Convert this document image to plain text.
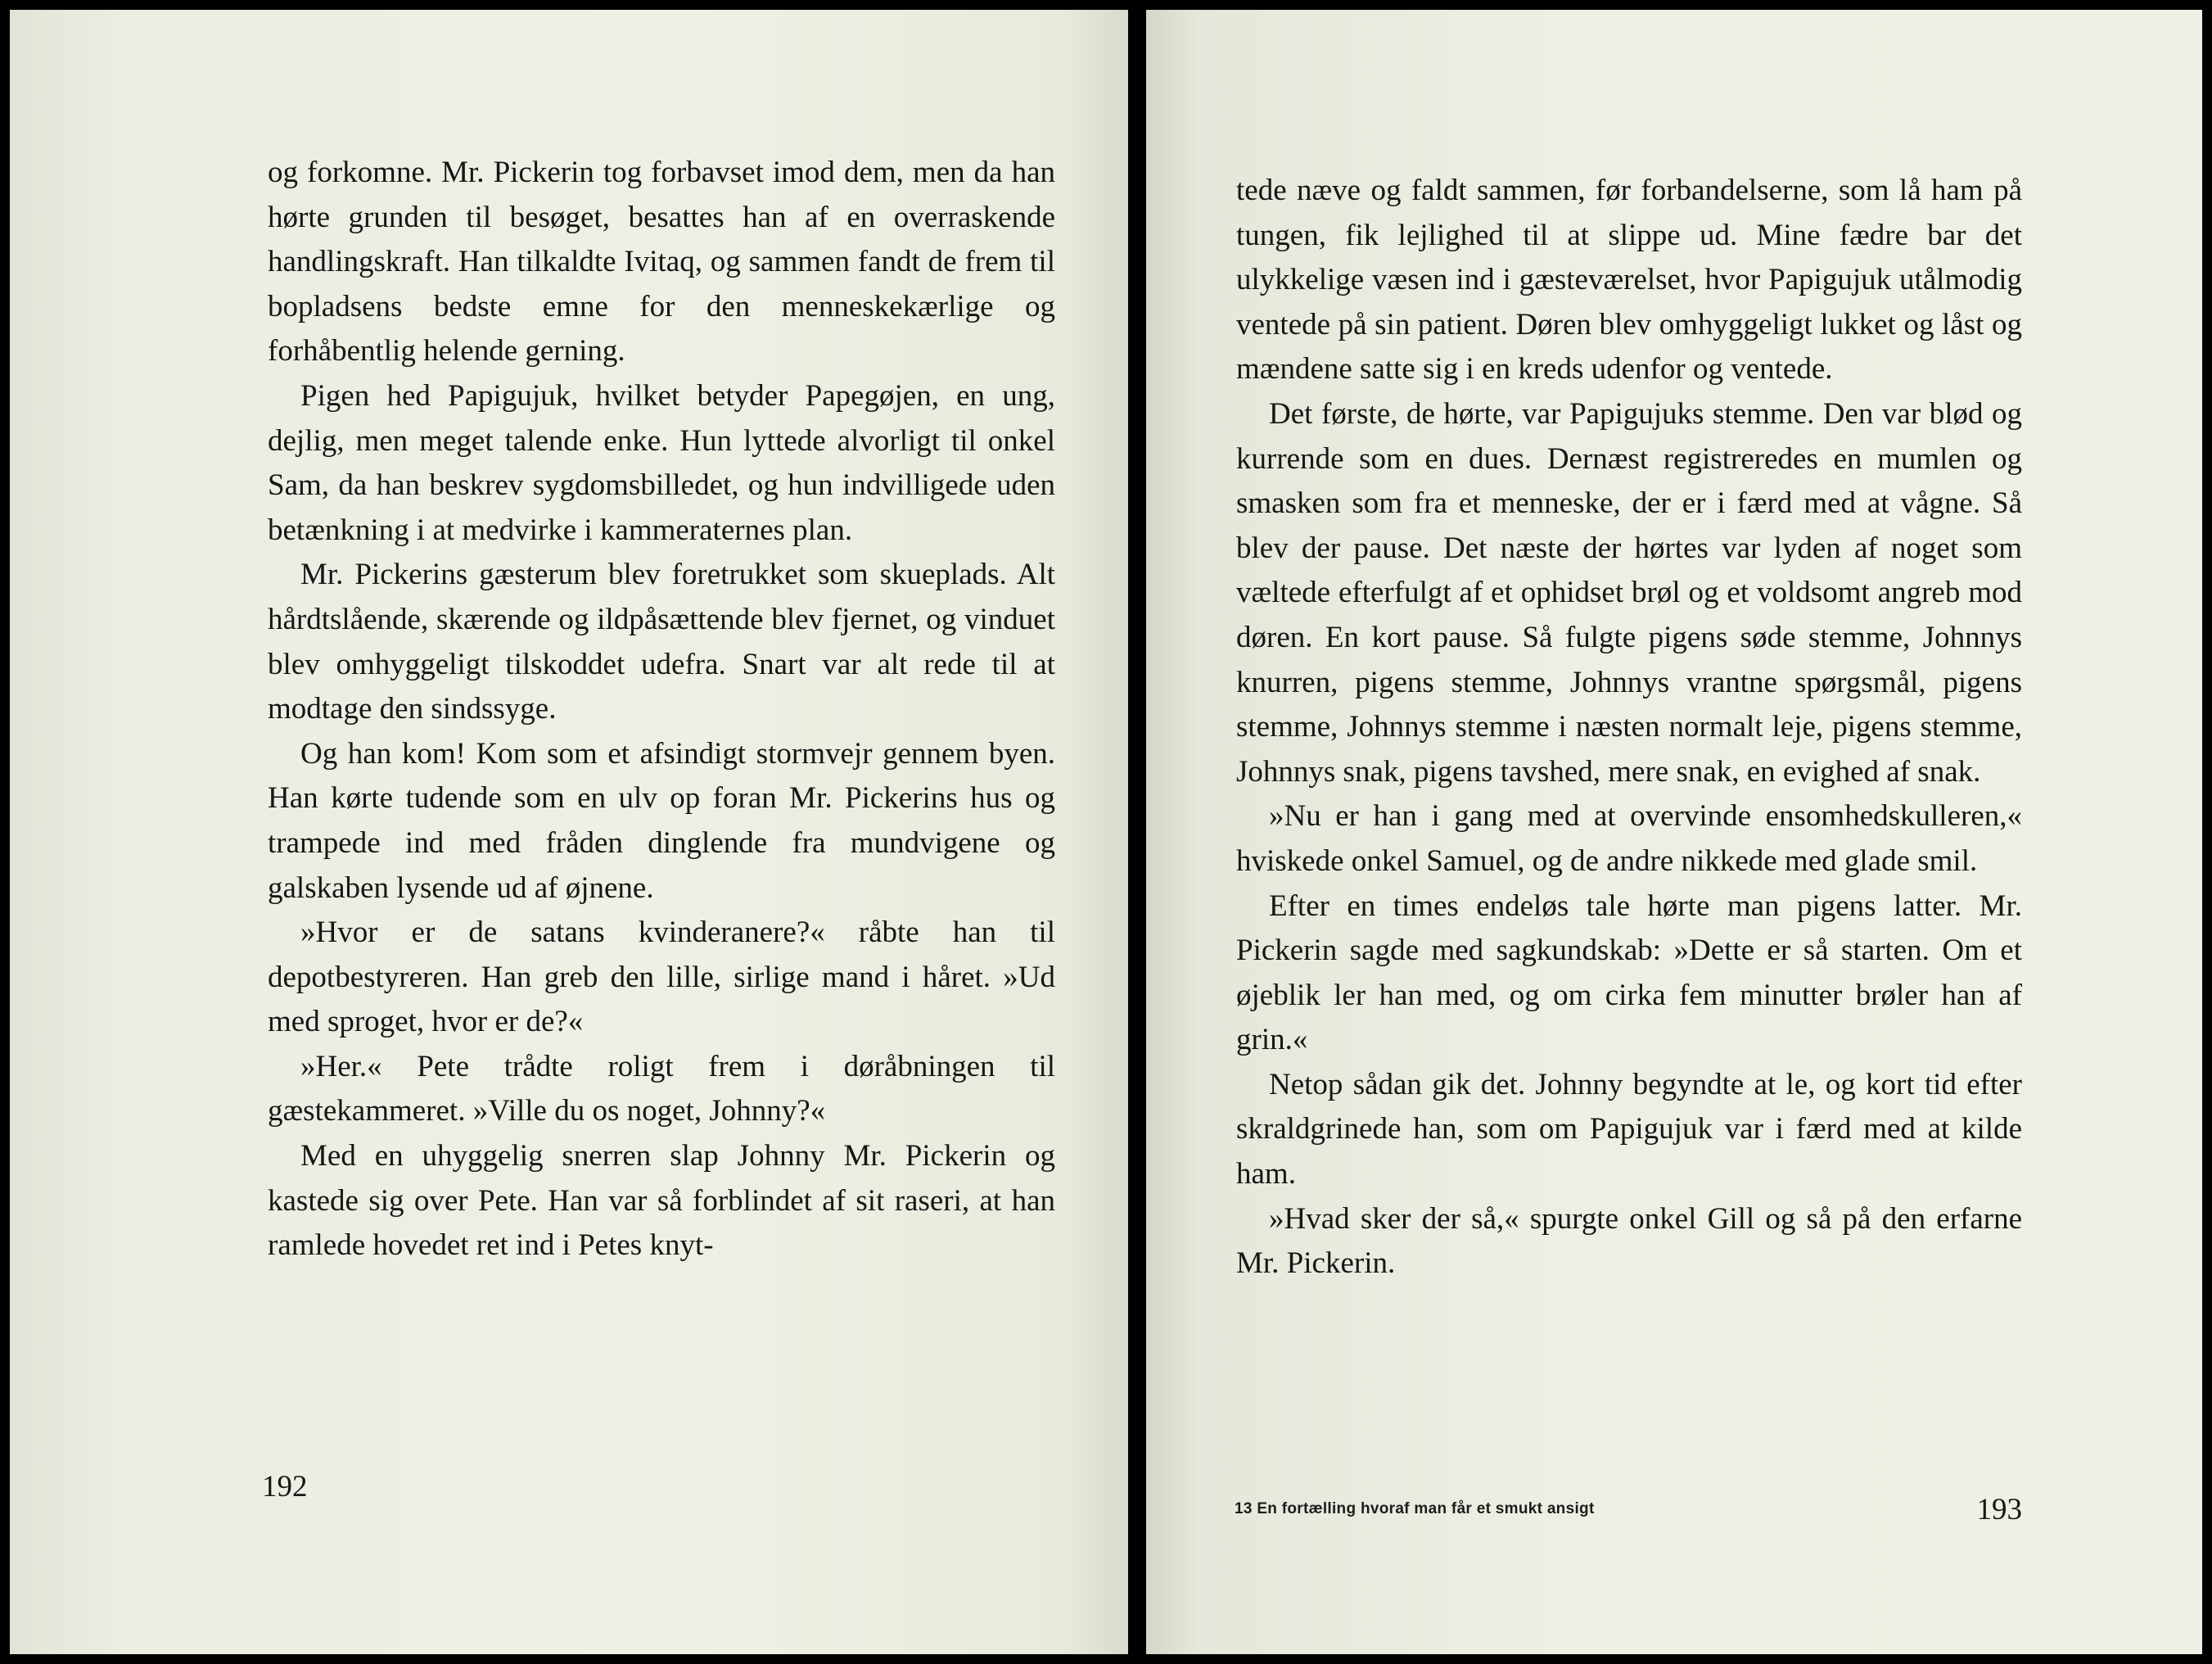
og forkomne. Mr. Pickerin tog forbavset imod dem, men da han hørte grunden til besøget, besattes han af en overraskende handlingskraft. Han tilkaldte Ivitaq, og sammen fandt de frem til bopladsens bedste emne for den menneskekærlige og forhåbentlig helende gerning.

Pigen hed Papigujuk, hvilket betyder Papegøjen, en ung, dejlig, men meget talende enke. Hun lyttede alvorligt til onkel Sam, da han beskrev sygdomsbilledet, og hun indvilligede uden betænkning i at medvirke i kammeraternes plan.

Mr. Pickerins gæsterum blev foretrukket som skueplads. Alt hårdtslående, skærende og ildpåsættende blev fjernet, og vinduet blev omhyggeligt tilskoddet udefra. Snart var alt rede til at modtage den sindssyge.

Og han kom! Kom som et afsindigt stormvejr gennem byen. Han kørte tudende som en ulv op foran Mr. Pickerins hus og trampede ind med fråden dinglende fra mundvigene og galskaben lysende ud af øjnene.

»Hvor er de satans kvinderanere?« råbte han til depotbestyreren. Han greb den lille, sirlige mand i håret. »Ud med sproget, hvor er de?«

»Her.« Pete trådte roligt frem i døråbningen til gæstekammeret. »Ville du os noget, Johnny?«

Med en uhyggelig snerren slap Johnny Mr. Pickerin og kastede sig over Pete. Han var så forblindet af sit raseri, at han ramlede hovedet ret ind i Petes knyt-

192

tede næve og faldt sammen, før forbandelserne, som lå ham på tungen, fik lejlighed til at slippe ud. Mine fædre bar det ulykkelige væsen ind i gæsteværelset, hvor Papigujuk utålmodig ventede på sin patient. Døren blev omhyggeligt lukket og låst og mændene satte sig i en kreds udenfor og ventede.

Det første, de hørte, var Papigujuks stemme. Den var blød og kurrende som en dues. Dernæst registreredes en mumlen og smasken som fra et menneske, der er i færd med at vågne. Så blev der pause. Det næste der hørtes var lyden af noget som væltede efterfulgt af et ophidset brøl og et voldsomt angreb mod døren. En kort pause. Så fulgte pigens søde stemme, Johnnys knurren, pigens stemme, Johnnys vrantne spørgsmål, pigens stemme, Johnnys stemme i næsten normalt leje, pigens stemme, Johnnys snak, pigens tavshed, mere snak, en evighed af snak.

»Nu er han i gang med at overvinde ensomhedskulleren,« hviskede onkel Samuel, og de andre nikkede med glade smil.

Efter en times endeløs tale hørte man pigens latter. Mr. Pickerin sagde med sagkundskab: »Dette er så starten. Om et øjeblik ler han med, og om cirka fem minutter brøler han af grin.«

Netop sådan gik det. Johnny begyndte at le, og kort tid efter skraldgrinede han, som om Papigujuk var i færd med at kilde ham.

»Hvad sker der så,« spurgte onkel Gill og så på den erfarne Mr. Pickerin.

13 En fortælling hvoraf man får et smukt ansigt	193
